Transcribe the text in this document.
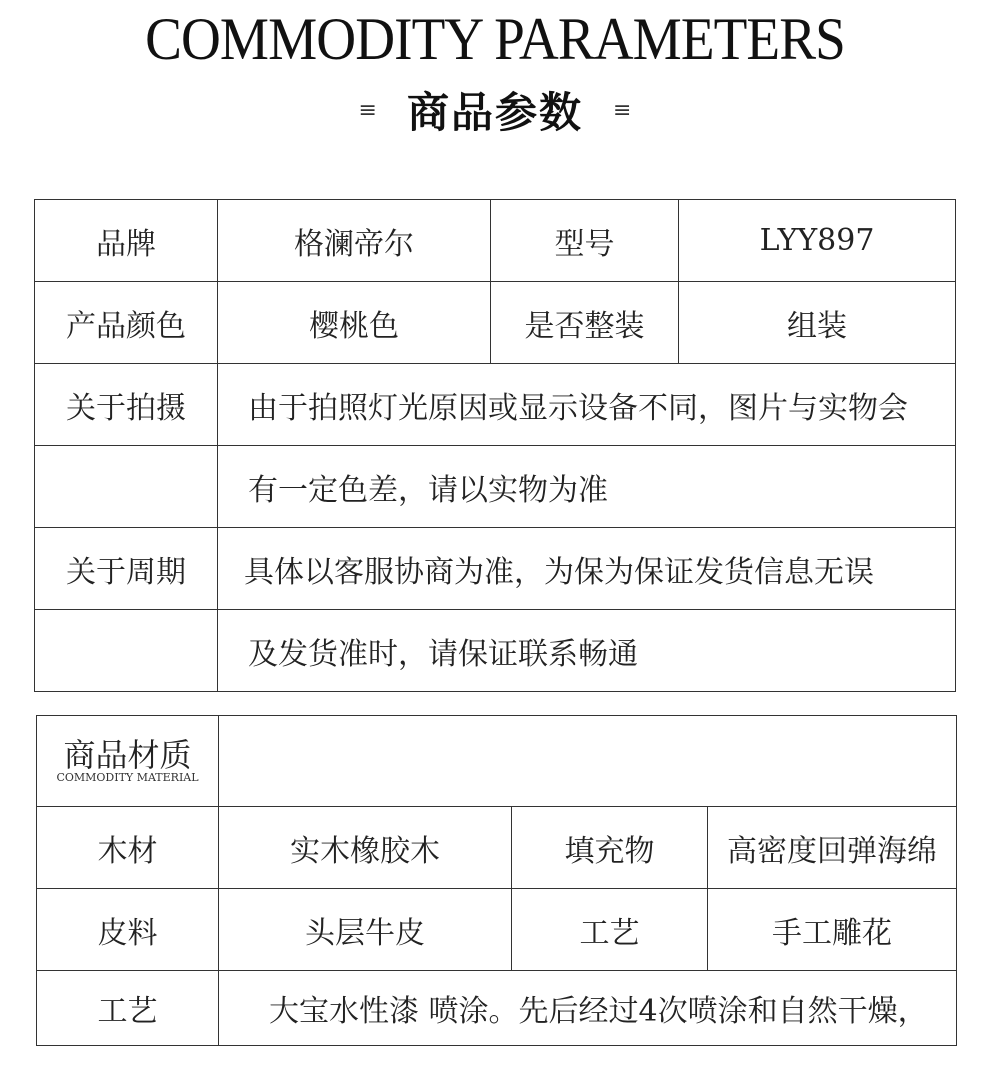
COMMODITY PARAMETERS
≡ 商品参数 ≡
品牌	格澜帝尔	型号	LYY897
产品颜色	樱桃色	是否整装	组装
关于拍摄	由于拍照灯光原因或显示设备不同，图片与实物会		
	有一定色差，请以实物为准		
关于周期	具体以客服协商为准，为保为保证发货信息无误		
	及发货准时，请保证联系畅通		
商品材质
COMMODITY MATERIAL			

木材	实木橡胶木	填充物	高密度回弹海绵
皮料	头层牛皮	工艺	手工雕花
工艺	大宝水性漆 喷涂。先后经过4次喷涂和自然干燥，		
